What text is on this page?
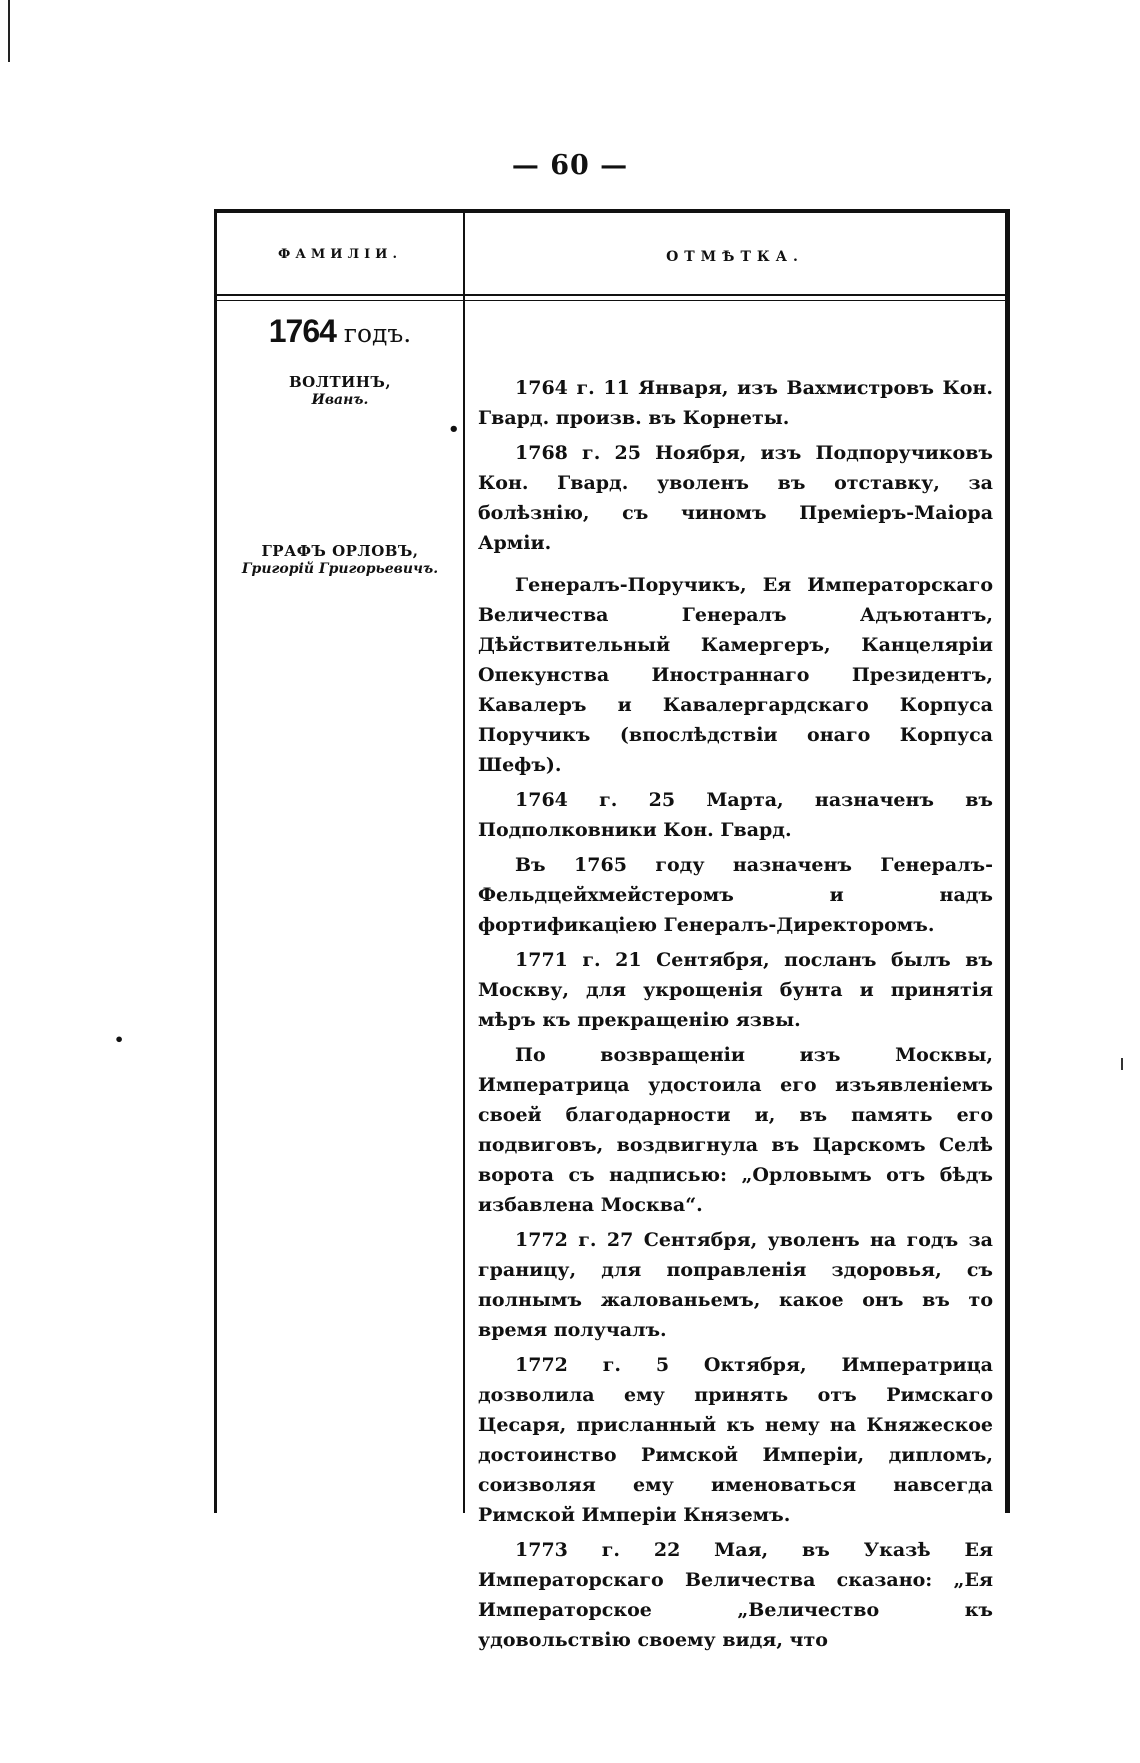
— 60 —
ФАМИЛІИ.	ОТМѢТКА.
1764 годъ.
ВОЛТИНЪ,
Иванъ.
•
ГРАФЪ ОРЛОВЪ,
Григорій Григорьевичъ.

1764 г. 11 Января, изъ Вахмистровъ Кон. Гвард. произв. въ Корнеты.

1768 г. 25 Ноября, изъ Подпоручиковъ Кон. Гвард. уволенъ въ отставку, за болѣзнію, съ чиномъ Премiеръ-Маiора Армiи.

Генералъ-Поручикъ, Ея Императорскаго Величества Генералъ Адъютантъ, Дѣйствительный Камергеръ, Канцеляріи Опекунства Иностраннаго Президентъ, Кавалеръ и Кавалергардскаго Корпуса Поручикъ (впослѣдствіи онаго Корпуса Шефъ).

1764 г. 25 Марта, назначенъ въ Подполковники Кон. Гвард.

Въ 1765 году назначенъ Генералъ-Фельдцейхмейстеромъ и надъ фортификаціею Генералъ-Директоромъ.

1771 г. 21 Сентября, посланъ былъ въ Москву, для укрощенія бунта и принятія мѣръ къ прекращенію язвы.

По возвращеніи изъ Москвы, Императрица удостоила его изъявленіемъ своей благодарности и, въ память его подвиговъ, воздвигнула въ Царскомъ Селѣ ворота съ надписью: „Орловымъ отъ бѣдъ избавлена Москва“.

1772 г. 27 Сентября, уволенъ на годъ за границу, для поправленія здоровья, съ полнымъ жалованьемъ, какое онъ въ то время получалъ.

1772 г. 5 Октября, Императрица дозволила ему принять отъ Римскаго Цесаря, присланный къ нему на Княжеское достоинство Римской Имперіи, дипломъ, соизволяя ему именоваться навсегда Римской Имперіи Княземъ.

1773 г. 22 Мая, въ Указѣ Ея Императорскаго Величества сказано: „Ея Императорское „Величество къ удовольствію своему видя, что

•
